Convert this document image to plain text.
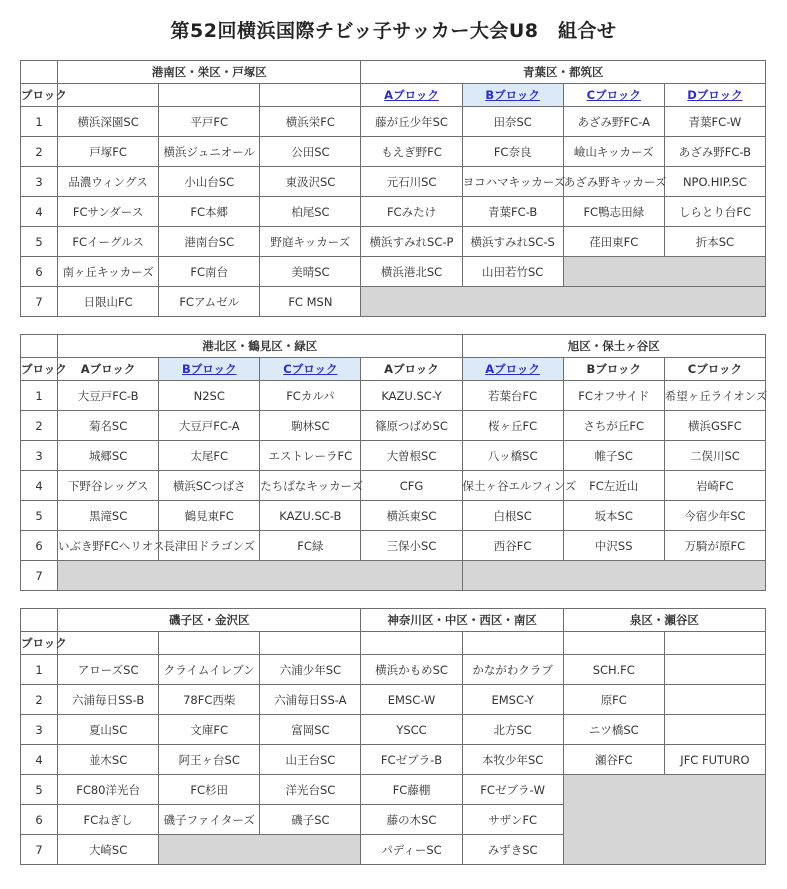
第52回横浜国際チビッ子サッカー大会U8　組合せ
	港南区・栄区・戸塚区			青葉区・都筑区			
ブロック				Aブロック	Bブロック	Cブロック	Dブロック
1	横浜深園SC	平戸FC	横浜栄FC	藤が丘少年SC	田奈SC	あざみ野FC-A	青葉FC-W
2	戸塚FC	横浜ジュニオール	公田SC	もえぎ野FC	FC奈良	嶮山キッカーズ	あざみ野FC-B
3	品濃ウィングス	小山台SC	東汲沢SC	元石川SC	ヨコハマキッカーズ	あざみ野キッカーズ	NPO.HIP.SC
4	FCサンダース	FC本郷	柏尾SC	FCみたけ	青葉FC-B	FC鴨志田緑	しらとり台FC
5	FCイーグルス	港南台SC	野庭キッカーズ	横浜すみれSC-P	横浜すみれSC-S	荏田東FC	折本SC
6	南ヶ丘キッカーズ	FC南台	美晴SC	横浜港北SC	山田若竹SC		
7	日限山FC	FCアムゼル	FC MSN				
	港北区・鶴見区・緑区				旭区・保土ヶ谷区		
ブロック	Aブロック	Bブロック	Cブロック	Aブロック	Aブロック	Bブロック	Cブロック
1	大豆戸FC-B	N2SC	FCカルパ	KAZU.SC-Y	若葉台FC	FCオフサイド	希望ヶ丘ライオンズ
2	菊名SC	大豆戸FC-A	駒林SC	篠原つばめSC	桜ヶ丘FC	さちが丘FC	横浜GSFC
3	城郷SC	太尾FC	エストレーラFC	大曽根SC	八ッ橋SC	帷子SC	二俣川SC
4	下野谷レッグス	横浜SCつばさ	たちばなキッカーズ	CFG	保土ヶ谷エルフィンズ	FC左近山	岩崎FC
5	黒滝SC	鶴見東FC	KAZU.SC-B	横浜東SC	白根SC	坂本SC	今宿少年SC
6	いぶき野FCヘリオス	長津田ドラゴンズ	FC緑	三保小SC	西谷FC	中沢SS	万騎が原FC
7							
	磯子区・金沢区			神奈川区・中区・西区・南区		泉区・瀬谷区	
ブロック							
1	アローズSC	クライムイレブン	六浦少年SC	横浜かもめSC	かながわクラブ	SCH.FC	
2	六浦毎日SS-B	78FC西柴	六浦毎日SS-A	EMSC-W	EMSC-Y	原FC	
3	夏山SC	文庫FC	富岡SC	YSCC	北方SC	ニツ橋SC	
4	並木SC	阿王ヶ台SC	山王台SC	FCゼブラ-B	本牧少年SC	瀬谷FC	JFC FUTURO
5	FC80洋光台	FC杉田	洋光台SC	FC藤棚	FCゼブラ-W		
6	FCねぎし	磯子ファイターズ	磯子SC	藤の木SC	サザンFC		
7	大崎SC			パディーSC	みずきSC		
